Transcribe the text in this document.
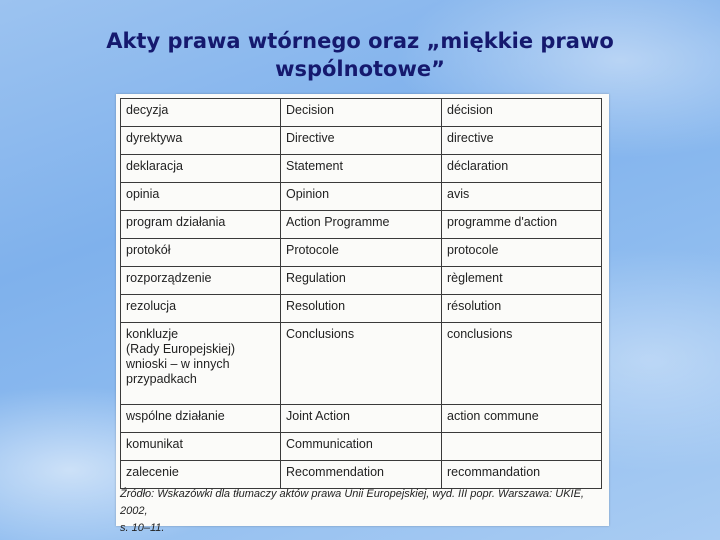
Akty prawa wtórnego oraz „miękkie prawo
wspólnotowe”
decyzja	Decision	décision
dyrektywa	Directive	directive
deklaracja	Statement	déclaration
opinia	Opinion	avis
program działania	Action Programme	programme d'action
protokół	Protocole	protocole
rozporządzenie	Regulation	règlement
rezolucja	Resolution	résolution

konkluzje
(Rady Europejskiej)
wnioski – w innych
przypadkach	Conclusions	conclusions
wspólne działanie	Joint Action	action commune
komunikat	Communication	
zalecenie	Recommendation	recommandation
Źródło: Wskazówki dla tłumaczy aktów prawa Unii Europejskiej, wyd. III popr. Warszawa: UKIE, 2002,
s. 10–11.
